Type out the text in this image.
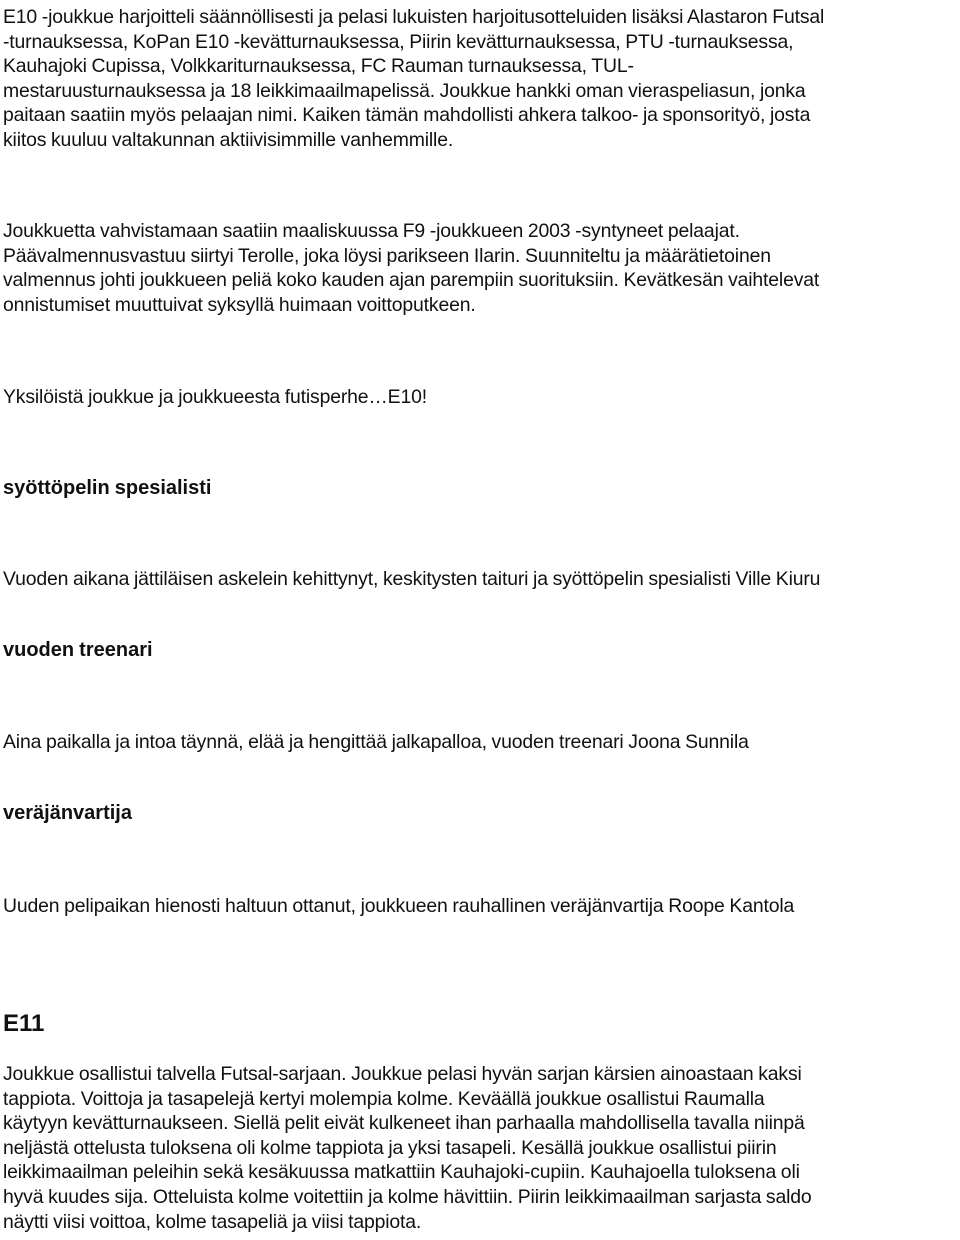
E10 -joukkue harjoitteli säännöllisesti ja pelasi lukuisten harjoitusotteluiden lisäksi Alastaron Futsal
-turnauksessa, KoPan E10 -kevätturnauksessa, Piirin kevätturnauksessa, PTU -turnauksessa,
Kauhajoki Cupissa, Volkkariturnauksessa, FC Rauman turnauksessa, TUL-
mestaruusturnauksessa ja 18 leikkimaailmapelissä. Joukkue hankki oman vieraspeliasun, jonka
paitaan saatiin myös pelaajan nimi. Kaiken tämän mahdollisti ahkera talkoo- ja sponsorityö, josta
kiitos kuuluu valtakunnan aktiivisimmille vanhemmille.
Joukkuetta vahvistamaan saatiin maaliskuussa F9 -joukkueen 2003 -syntyneet pelaajat.
Päävalmennusvastuu siirtyi Terolle, joka löysi parikseen Ilarin. Suunniteltu ja määrätietoinen
valmennus johti joukkueen peliä koko kauden ajan parempiin suorituksiin. Kevätkesän vaihtelevat
onnistumiset muuttuivat syksyllä huimaan voittoputkeen.
Yksilöistä joukkue ja joukkueesta futisperhe…E10!
syöttöpelin spesialisti
Vuoden aikana jättiläisen askelein kehittynyt, keskitysten taituri ja syöttöpelin spesialisti Ville Kiuru
vuoden treenari
Aina paikalla ja intoa täynnä, elää ja hengittää jalkapalloa, vuoden treenari Joona Sunnila
veräjänvartija
Uuden pelipaikan hienosti haltuun ottanut, joukkueen rauhallinen veräjänvartija Roope Kantola
E11
Joukkue osallistui talvella Futsal-sarjaan. Joukkue pelasi hyvän sarjan kärsien ainoastaan kaksi
tappiota. Voittoja ja tasapelejä kertyi molempia kolme. Keväällä joukkue osallistui Raumalla
käytyyn kevätturnaukseen. Siellä pelit eivät kulkeneet ihan parhaalla mahdollisella tavalla niinpä
neljästä ottelusta tuloksena oli kolme tappiota ja yksi tasapeli. Kesällä joukkue osallistui piirin
leikkimaailman peleihin sekä kesäkuussa matkattiin Kauhajoki-cupiin. Kauhajoella tuloksena oli
hyvä kuudes sija. Otteluista kolme voitettiin ja kolme hävittiin. Piirin leikkimaailman sarjasta saldo
näytti viisi voittoa, kolme tasapeliä ja viisi tappiota.
